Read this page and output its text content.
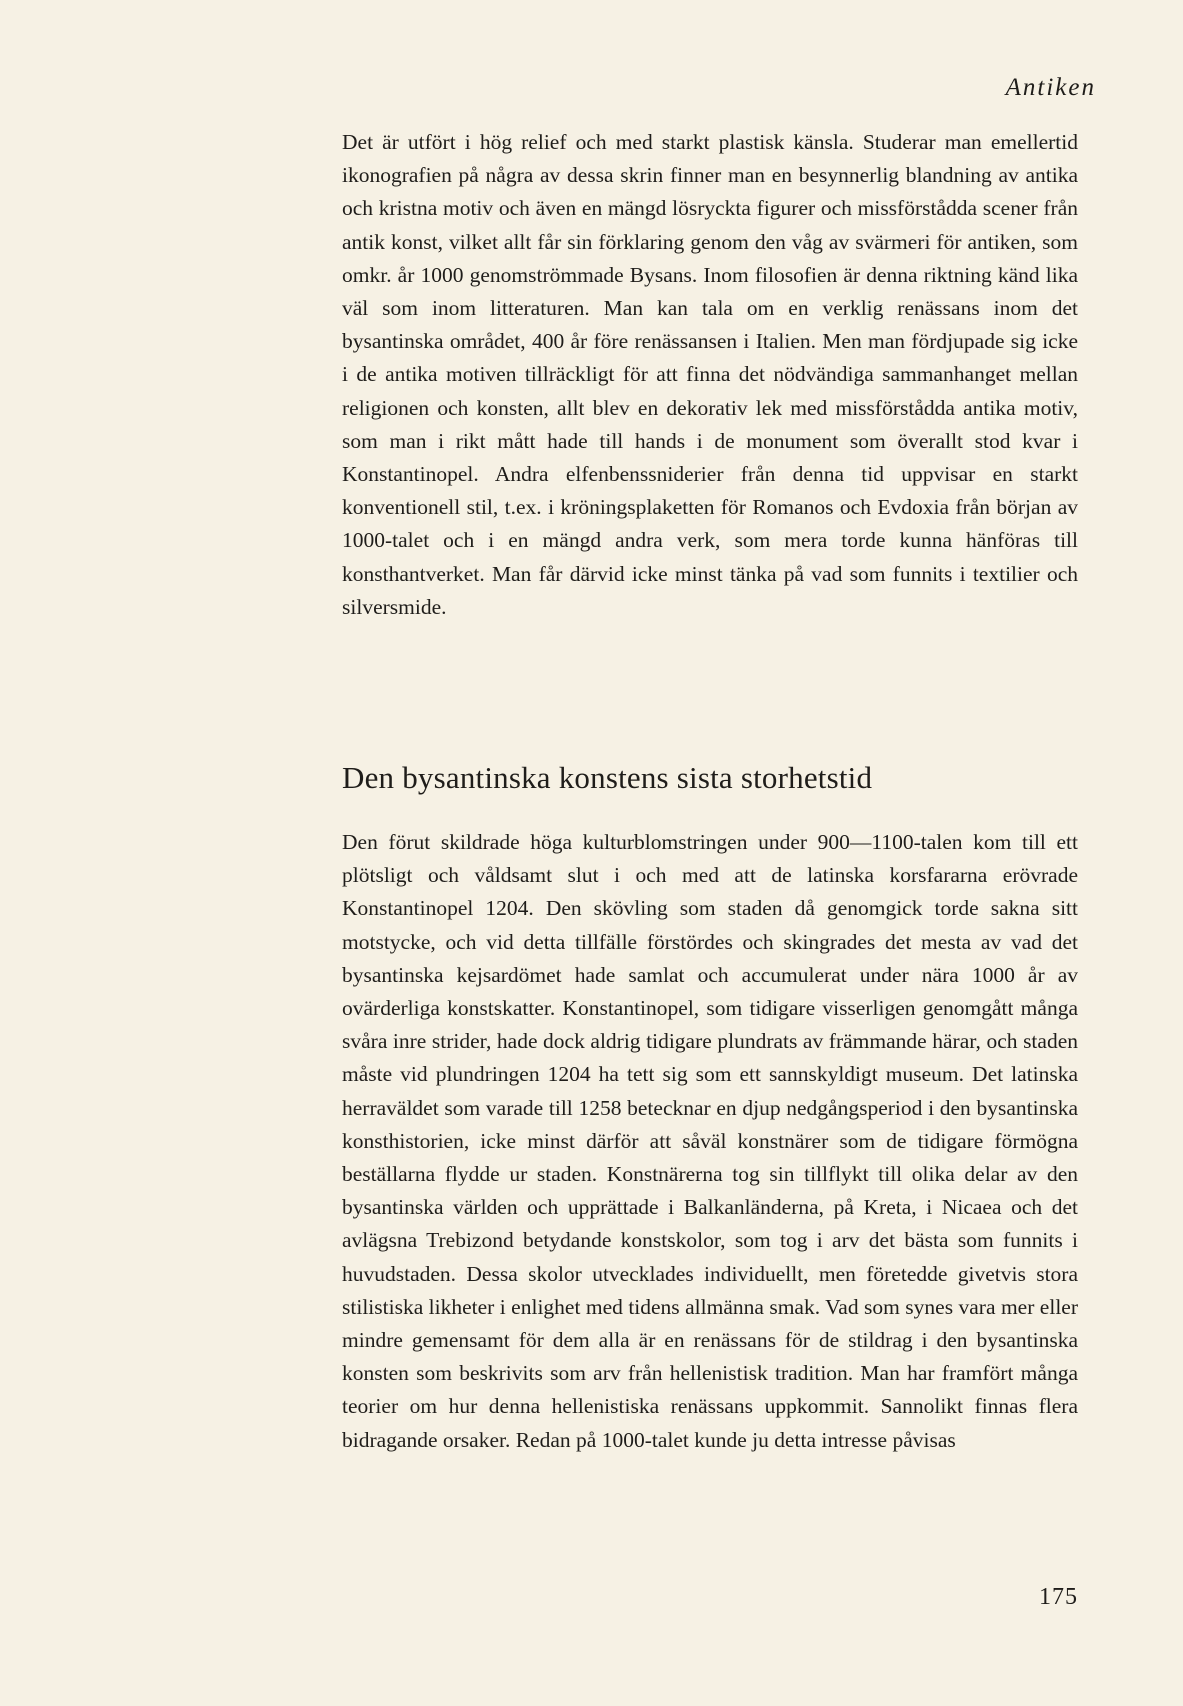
Antiken

Det är utfört i hög relief och med starkt plastisk känsla. Studerar man emellertid ikonografien på några av dessa skrin finner man en besynnerlig blandning av antika och kristna motiv och även en mängd lösryckta figurer och missförstådda scener från antik konst, vilket allt får sin förklaring genom den våg av svärmeri för antiken, som omkr. år 1000 genomströmmade Bysans. Inom filosofien är denna riktning känd lika väl som inom litteraturen. Man kan tala om en verklig renässans inom det bysantinska området, 400 år före renässansen i Italien. Men man fördjupade sig icke i de antika motiven tillräckligt för att finna det nödvändiga sammanhanget mellan religionen och konsten, allt blev en dekorativ lek med missförstådda antika motiv, som man i rikt mått hade till hands i de monument som överallt stod kvar i Konstantinopel. Andra elfenbenssniderier från denna tid uppvisar en starkt konventionell stil, t.ex. i kröningsplaketten för Romanos och Evdoxia från början av 1000-talet och i en mängd andra verk, som mera torde kunna hänföras till konsthantverket. Man får därvid icke minst tänka på vad som funnits i textilier och silversmide.

Den bysantinska konstens sista storhetstid

Den förut skildrade höga kulturblomstringen under 900—1100-talen kom till ett plötsligt och våldsamt slut i och med att de latinska korsfararna erövrade Konstantinopel 1204. Den skövling som staden då genomgick torde sakna sitt motstycke, och vid detta tillfälle förstördes och skingrades det mesta av vad det bysantinska kejsardömet hade samlat och accumulerat under nära 1000 år av ovärderliga konstskatter. Konstantinopel, som tidigare visserligen genomgått många svåra inre strider, hade dock aldrig tidigare plundrats av främmande härar, och staden måste vid plundringen 1204 ha tett sig som ett sannskyldigt museum. Det latinska herraväldet som varade till 1258 betecknar en djup nedgångsperiod i den bysantinska konsthistorien, icke minst därför att såväl konstnärer som de tidigare förmögna beställarna flydde ur staden. Konstnärerna tog sin tillflykt till olika delar av den bysantinska världen och upprättade i Balkanländerna, på Kreta, i Nicaea och det avlägsna Trebizond betydande konstskolor, som tog i arv det bästa som funnits i huvudstaden. Dessa skolor utvecklades individuellt, men företedde givetvis stora stilistiska likheter i enlighet med tidens allmänna smak. Vad som synes vara mer eller mindre gemensamt för dem alla är en renässans för de stildrag i den bysantinska konsten som beskrivits som arv från hellenistisk tradition. Man har framfört många teorier om hur denna hellenistiska renässans uppkommit. Sannolikt finnas flera bidragande orsaker. Redan på 1000-talet kunde ju detta intresse påvisas

175
